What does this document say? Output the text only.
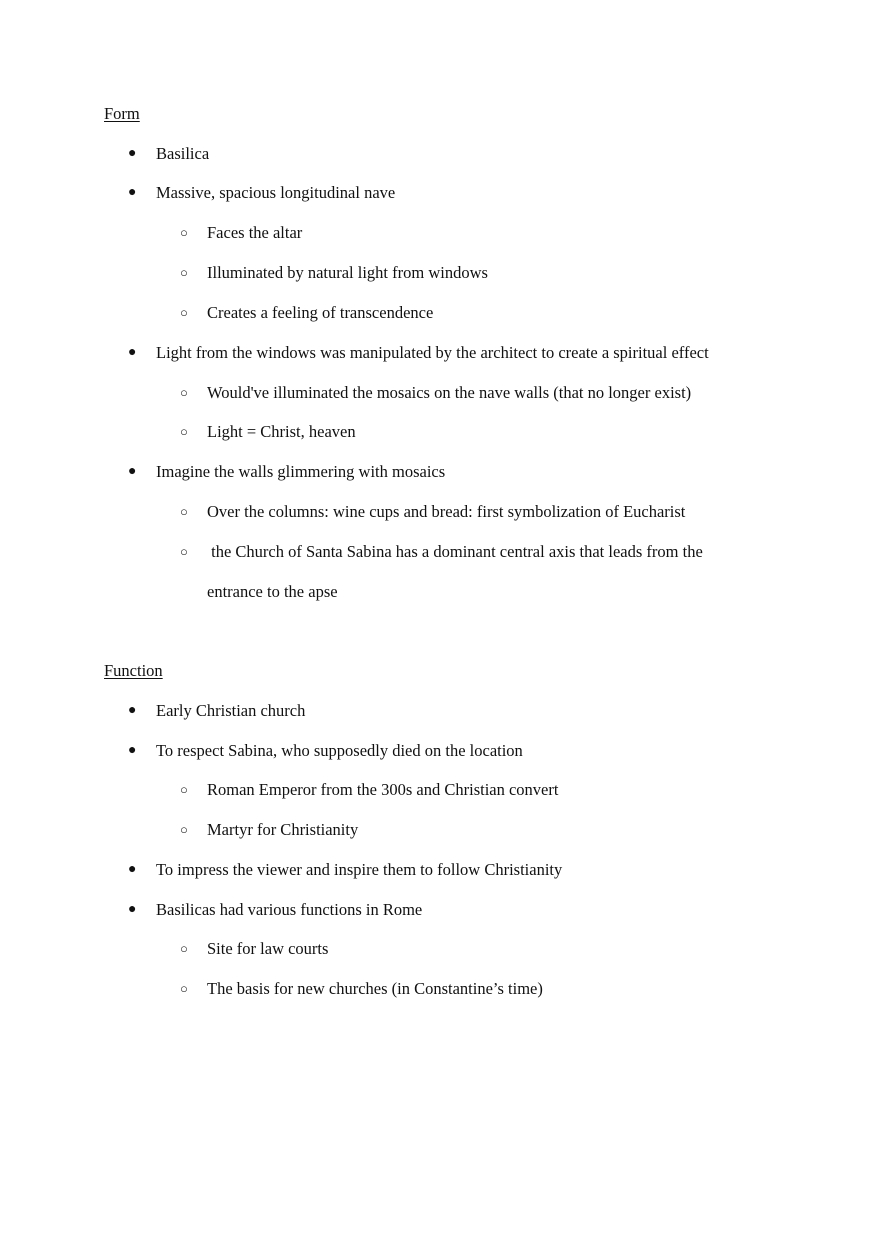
Form
● Basilica
● Massive, spacious longitudinal nave
○ Faces the altar
○ Illuminated by natural light from windows
○ Creates a feeling of transcendence
● Light from the windows was manipulated by the architect to create a spiritual effect
○ Would've illuminated the mosaics on the nave walls (that no longer exist)
○ Light = Christ, heaven
● Imagine the walls glimmering with mosaics
○ Over the columns: wine cups and bread: first symbolization of Eucharist
○ the Church of Santa Sabina has a dominant central axis that leads from the
entrance to the apse
Function
● Early Christian church
● To respect Sabina, who supposedly died on the location
○ Roman Emperor from the 300s and Christian convert
○ Martyr for Christianity
● To impress the viewer and inspire them to follow Christianity
● Basilicas had various functions in Rome
○ Site for law courts
○ The basis for new churches (in Constantine’s time)
